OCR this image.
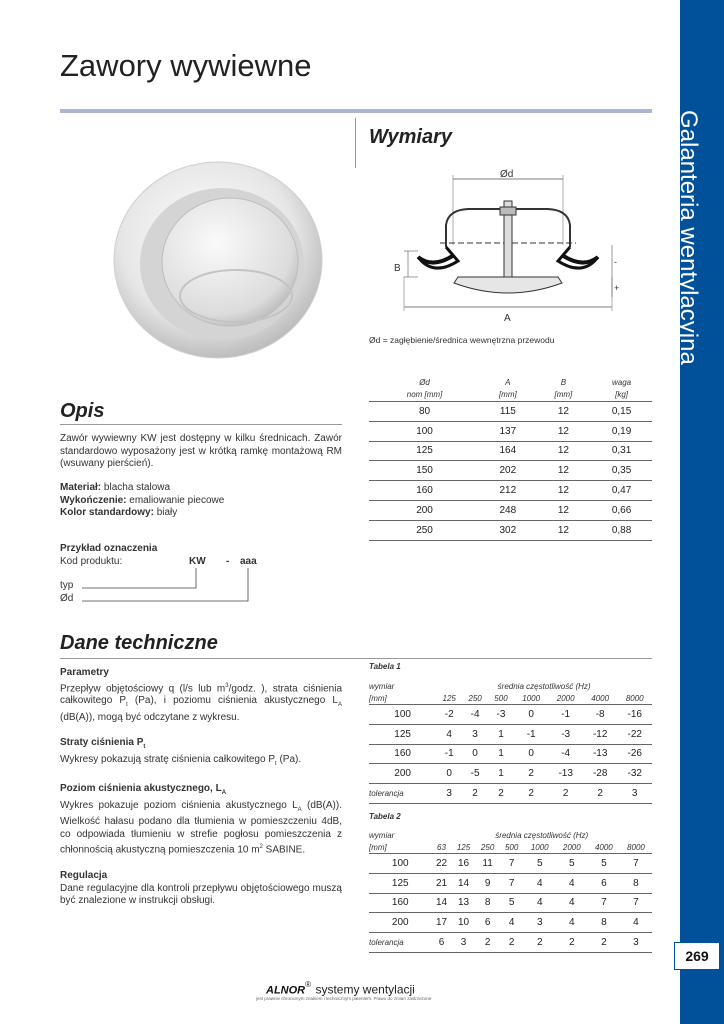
Zawory wywiewne
Galanteria wentylacyjna
269
Wymiary
Ød
B
A
-
+
Ød = zagłębienie/średnica wewnętrzna przewodu
Ød	A	B	waga
nom [mm]	[mm]	[mm]	[kg]
80	115	12	0,15
100	137	12	0,19
125	164	12	0,31
150	202	12	0,35
160	212	12	0,47
200	248	12	0,66
250	302	12	0,88
Opis
Zawór wywiewny KW jest dostępny w kilku średnicach. Zawór standardowo wyposażony jest w krótką ramkę montażową RM (wsuwany pierścień).
Materiał: blacha stalowa
Wykończenie: emaliowanie piecowe
Kolor standardowy: biały
Przykład oznaczenia
Kod produktu:	KW - aaa
typ
Ød
Dane techniczne
Parametry
Przepływ objętościowy q (l/s lub $m^3$/godz. ), strata ciśnienia całkowitego $P_t$ (Pa), i poziomu ciśnienia akustycznego $L_A$ (dB(A)), mogą być odczytane z wykresu.
Straty ciśnienia $P_t$
Wykresy pokazują stratę ciśnienia całkowitego $P_t$ (Pa).
Poziom ciśnienia akustycznego, $L_A$
Wykres pokazuje poziom ciśnienia akustycznego $L_A$ (dB(A)). Wielkość hałasu podano dla tłumienia w pomieszczeniu 4dB, co odpowiada tłumieniu w strefie pogłosu pomieszczenia z chłonnością akustyczną pomieszczenia 10 $m^2$ SABINE.
Regulacja
Dane regulacyjne dla kontroli przepływu objętościowego muszą być znalezione w instrukcji obsługi.
Tabela 1
wymiar	średnia częstotliwość (Hz)						
[mm]	125	250	500	1000	2000	4000	8000
100	-2	-4	-3	0	-1	-8	-16
125	4	3	1	-1	-3	-12	-22
160	-1	0	1	0	-4	-13	-26
200	0	-5	1	2	-13	-28	-32
tolerancja	3	2	2	2	2	2	3
Tabela 2
wymiar	średnia częstotliwość (Hz)							
[mm]	63	125	250	500	1000	2000	4000	8000
100	22	16	11	7	5	5	5	7
125	21	14	9	7	4	4	6	8
160	14	13	8	5	4	4	7	7
200	17	10	6	4	3	4	8	4
tolerancja	6	3	2	2	2	2	2	3
ALNOR® systemy wentylacji
jest prawnie chronionym znakiem i technicznym patentem. Prawo do zmian zastrzeżone
